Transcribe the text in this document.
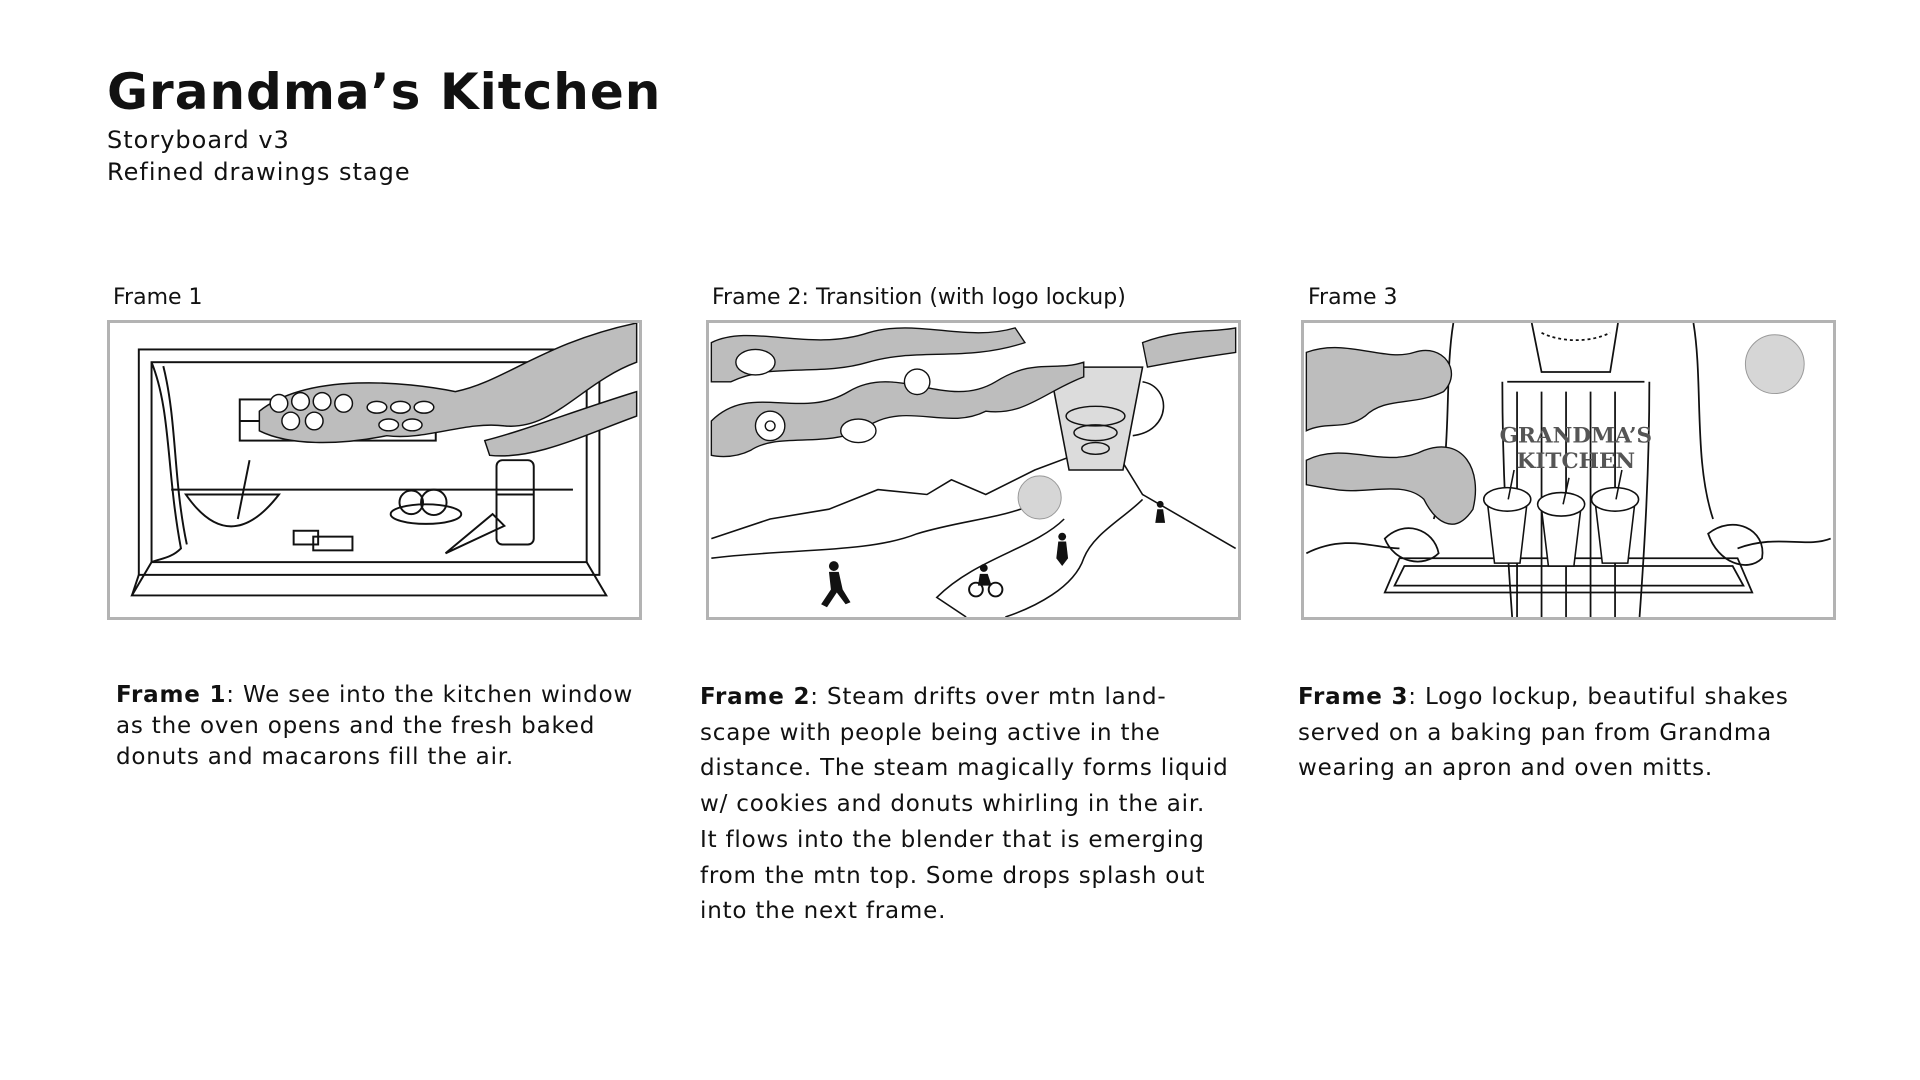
Grandma’s Kitchen

Storyboard v3

Refined drawings stage

Frame 1	Frame 2: Transition (with logo lockup)	Frame 3
GRANDMA’S
KITCHEN

Frame 1: We see into the kitchen window as the oven opens and the fresh baked donuts and macarons fill the air.

Frame 2: Steam drifts over mtn land-scape with people being active in the distance. The steam magically forms liquid w/ cookies and donuts whirling in the air. It flows into the blender that is emerging from the mtn top. Some drops splash out into the next frame.

Frame 3: Logo lockup, beautiful shakes served on a baking pan from Grandma wearing an apron and oven mitts.
